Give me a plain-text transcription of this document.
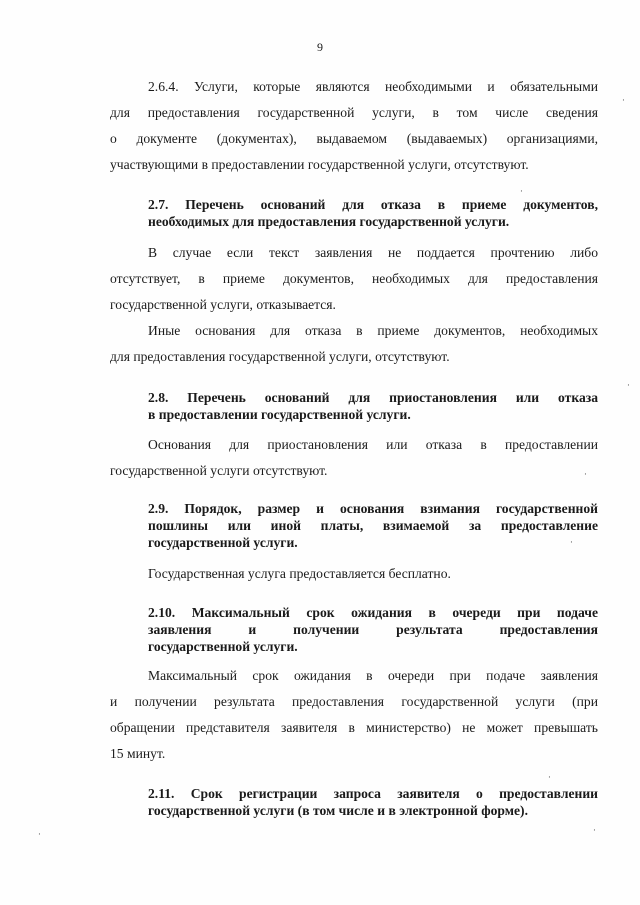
9
2.6.4. Услуги, которые являются необходимыми и обязательными
для предоставления государственной услуги, в том числе сведения
о документе (документах), выдаваемом (выдаваемых) организациями,
участвующими в предоставлении государственной услуги, отсутствуют.
2.7. Перечень оснований для отказа в приеме документов,
необходимых для предоставления государственной услуги.
В случае если текст заявления не поддается прочтению либо
отсутствует, в приеме документов, необходимых для предоставления
государственной услуги, отказывается.
Иные основания для отказа в приеме документов, необходимых
для предоставления государственной услуги, отсутствуют.
2.8. Перечень оснований для приостановления или отказа
в предоставлении государственной услуги.
Основания для приостановления или отказа в предоставлении
государственной услуги отсутствуют.
2.9. Порядок, размер и основания взимания государственной
пошлины или иной платы, взимаемой за предоставление
государственной услуги.
Государственная услуга предоставляется бесплатно.
2.10. Максимальный срок ожидания в очереди при подаче
заявления и получении результата предоставления
государственной услуги.
Максимальный срок ожидания в очереди при подаче заявления
и получении результата предоставления государственной услуги (при
обращении представителя заявителя в министерство) не может превышать
15 минут.
2.11. Срок регистрации запроса заявителя о предоставлении
государственной услуги (в том числе и в электронной форме).
·
·
·
·
·
·
·
·
